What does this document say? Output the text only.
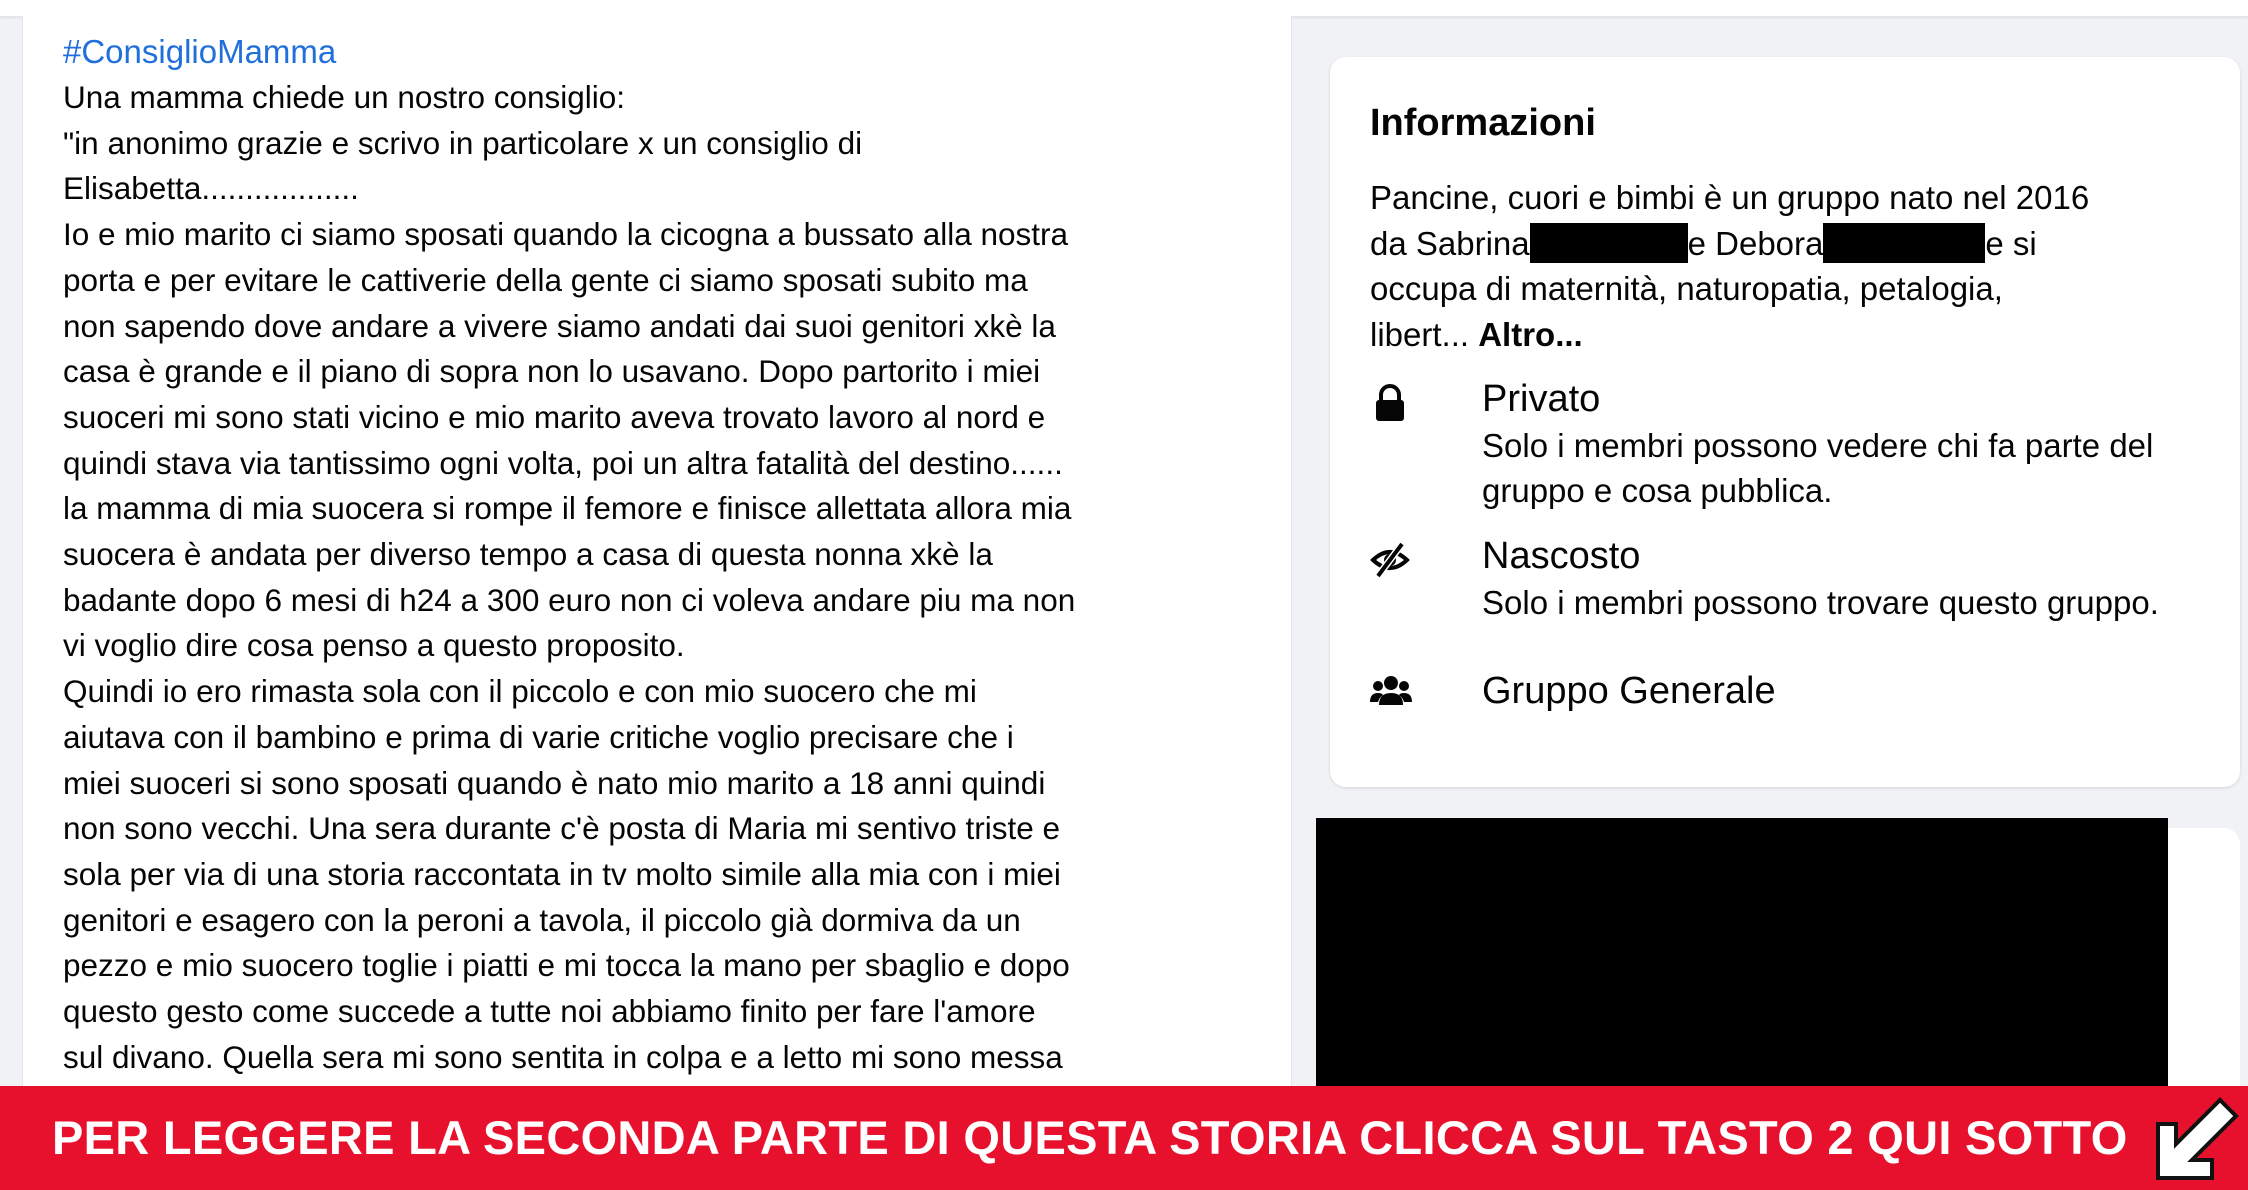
#ConsiglioMamma
Una mamma chiede un nostro consiglio:
"in anonimo grazie e scrivo in particolare x un consiglio di
Elisabetta..................
Io e mio marito ci siamo sposati quando la cicogna a bussato alla nostra
porta e per evitare le cattiverie della gente ci siamo sposati subito ma
non sapendo dove andare a vivere siamo andati dai suoi genitori xkè la
casa è grande e il piano di sopra non lo usavano. Dopo partorito i miei
suoceri mi sono stati vicino e mio marito aveva trovato lavoro al nord e
quindi stava via tantissimo ogni volta, poi un altra fatalità del destino......
la mamma di mia suocera si rompe il femore e finisce allettata allora mia
suocera è andata per diverso tempo a casa di questa nonna xkè la
badante dopo 6 mesi di h24 a 300 euro non ci voleva andare piu ma non
vi voglio dire cosa penso a questo proposito.
Quindi io ero rimasta sola con il piccolo e con mio suocero che mi
aiutava con il bambino e prima di varie critiche voglio precisare che i
miei suoceri si sono sposati quando è nato mio marito a 18 anni quindi
non sono vecchi. Una sera durante c'è posta di Maria mi sentivo triste e
sola per via di una storia raccontata in tv molto simile alla mia con i miei
genitori e esagero con la peroni a tavola, il piccolo già dormiva da un
pezzo e mio suocero toglie i piatti e mi tocca la mano per sbaglio e dopo
questo gesto come succede a tutte noi abbiamo finito per fare l'amore
sul divano. Quella sera mi sono sentita in colpa e a letto mi sono messa
Informazioni
Pancine, cuori e bimbi è un gruppo nato nel 2016
da Sabrina	e Debora	e si
occupa di maternità, naturopatia, petalogia,
libert... Altro...
Privato
Solo i membri possono vedere chi fa parte del
gruppo e cosa pubblica.
Nascosto
Solo i membri possono trovare questo gruppo.
Gruppo Generale
PER LEGGERE LA SECONDA PARTE DI QUESTA STORIA CLICCA SUL TASTO 2 QUI SOTTO
